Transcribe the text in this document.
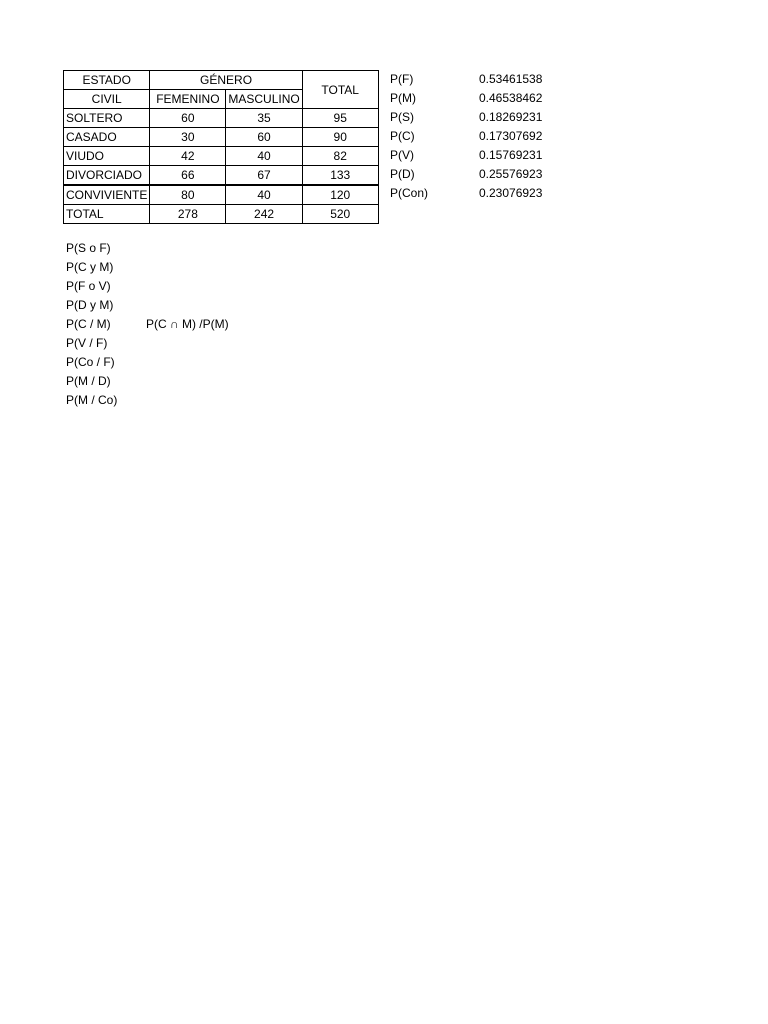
ESTADO	GÉNERO		TOTAL
CIVIL	FEMENINO	MASCULINO	
SOLTERO	60	35	95
CASADO	30	60	90
VIUDO	42	40	82
DIVORCIADO	66	67	133
CONVIVIENTE	80	40	120
TOTAL	278	242	520
P(F)	0.53461538
P(M)	0.46538462
P(S)	0.18269231
P(C)	0.17307692
P(V)	0.15769231
P(D)	0.25576923
P(Con)	0.23076923
P(S o F)
P(C y M)
P(F o V)
P(D y M)
P(C / M)	P(C ∩ M) /P(M)
P(V / F)
P(Co / F)
P(M / D)
P(M / Co)
